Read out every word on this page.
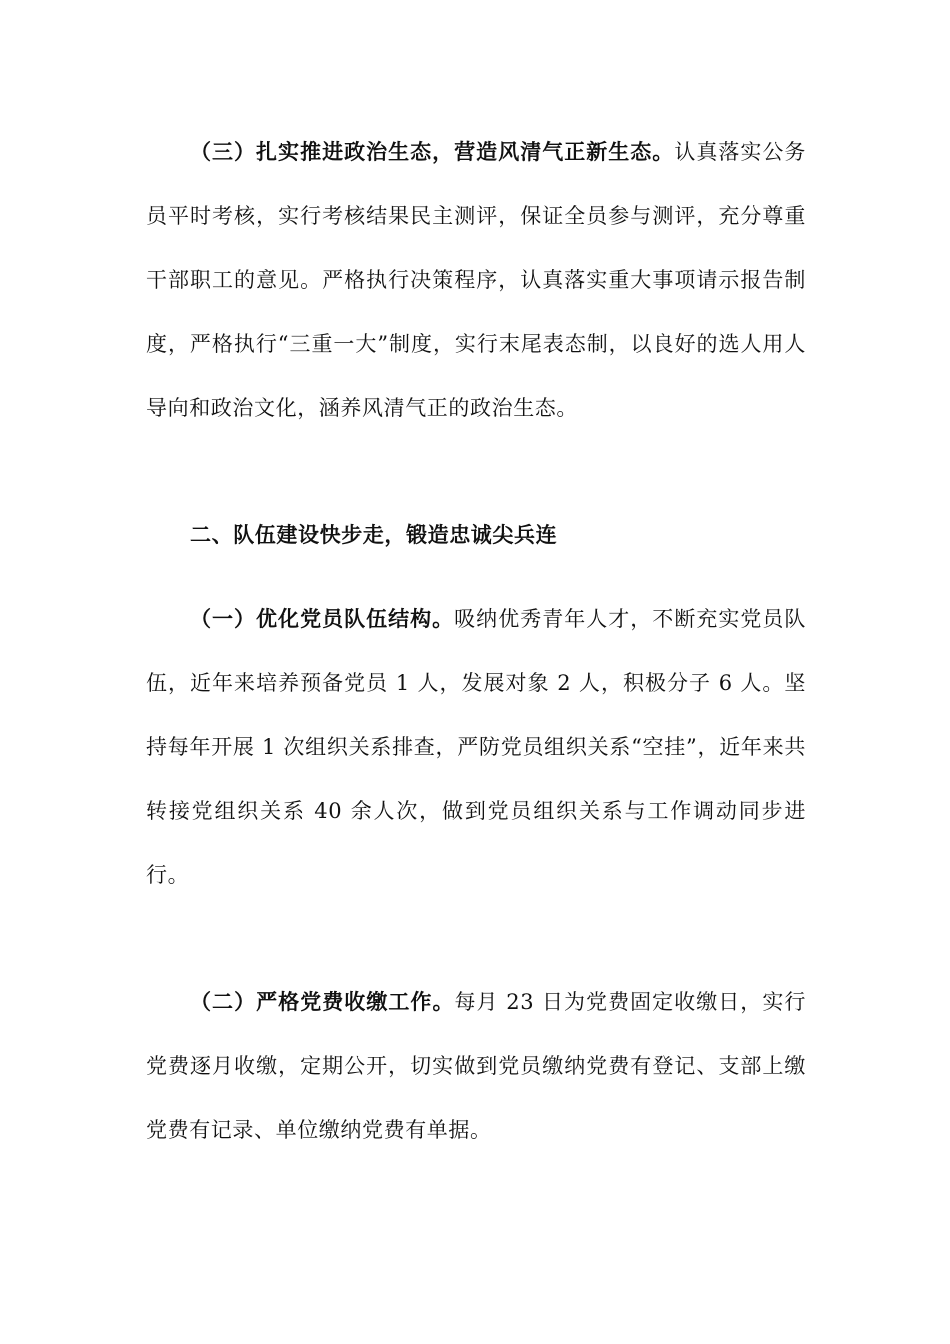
（三）扎实推进政治生态，营造风清气正新生态。认真落实公务员平时考核，实行考核结果民主测评，保证全员参与测评，充分尊重干部职工的意见。严格执行决策程序，认真落实重大事项请示报告制度，严格执行“三重一大”制度，实行末尾表态制，以良好的选人用人导向和政治文化，涵养风清气正的政治生态。

二、队伍建设快步走，锻造忠诚尖兵连

（一）优化党员队伍结构。吸纳优秀青年人才，不断充实党员队伍，近年来培养预备党员 1 人，发展对象 2 人，积极分子 6 人。坚持每年开展 1 次组织关系排查，严防党员组织关系“空挂”，近年来共转接党组织关系 40 余人次，做到党员组织关系与工作调动同步进行。

（二）严格党费收缴工作。每月 23 日为党费固定收缴日，实行党费逐月收缴，定期公开，切实做到党员缴纳党费有登记、支部上缴党费有记录、单位缴纳党费有单据。
